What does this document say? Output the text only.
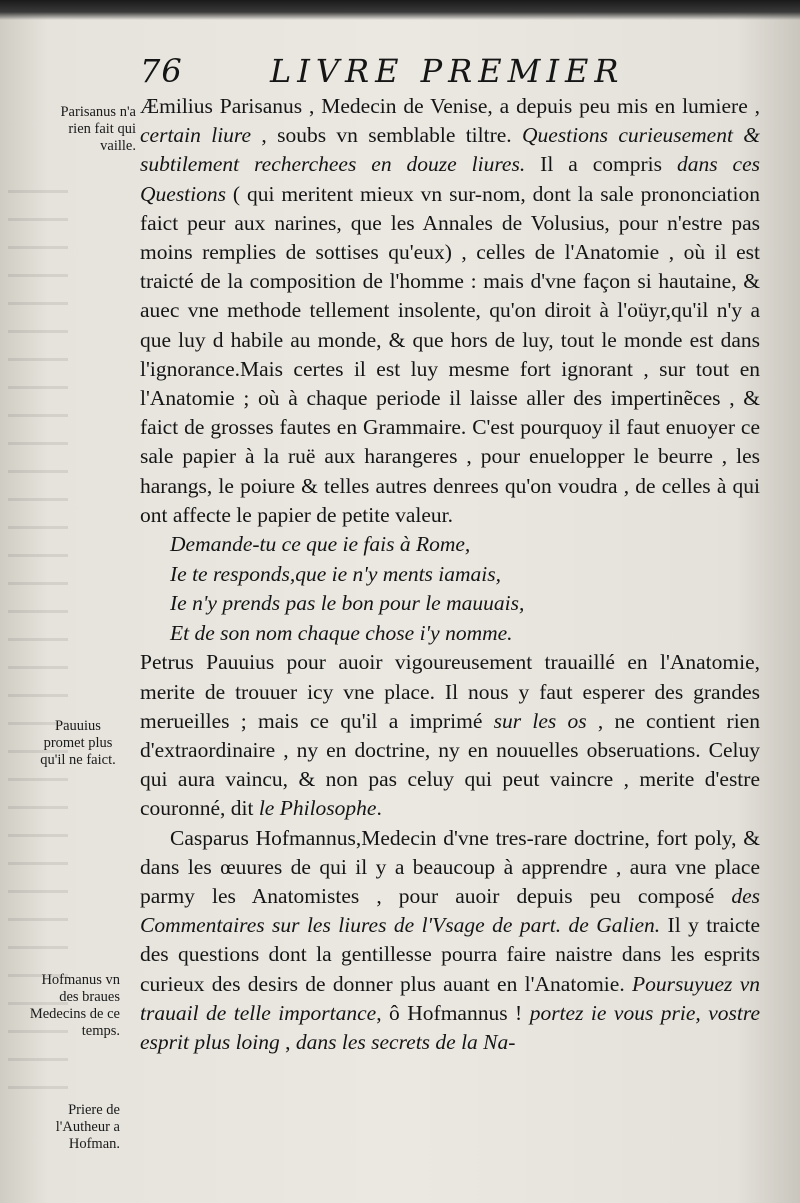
76	LIVRE PREMIER
Parisanus n'a rien fait qui vaille.
Pauuius promet plus qu'il ne faict.
Hofmanus vn des braues Medecins de ce temps.
Priere de l'Autheur a Hofman.

Æmilius Parisanus , Medecin de Venise, a depuis peu mis en lumiere , certain liure , soubs vn semblable tiltre. Questions curieusement & subtilement recherchees en douze liures. Il a compris dans ces Questions ( qui meritent mieux vn sur-nom, dont la sale prononciation faict peur aux narines, que les Annales de Volusius, pour n'estre pas moins remplies de sottises qu'eux) , celles de l'Anatomie , où il est traicté de la composition de l'homme : mais d'vne façon si hautaine, & auec vne methode tellement insolente, qu'on diroit à l'oüyr,qu'il n'y a que luy d habile au monde, & que hors de luy, tout le monde est dans l'ignorance.Mais certes il est luy mesme fort ignorant , sur tout en l'Anatomie ; où à chaque periode il laisse aller des impertinẽces , & faict de grosses fautes en Grammaire. C'est pourquoy il faut enuoyer ce sale papier à la ruë aux harangeres , pour enuelopper le beurre , les harangs, le poiure & telles autres denrees qu'on voudra , de celles à qui ont affecte le papier de petite valeur.

Demande-tu ce que ie fais à Rome,
Ie te responds,que ie n'y ments iamais,
Ie n'y prends pas le bon pour le mauuais,
Et de son nom chaque chose i'y nomme.

Petrus Pauuius pour auoir vigoureusement trauaillé en l'Anatomie, merite de trouuer icy vne place. Il nous y faut esperer des grandes merueilles ; mais ce qu'il a imprimé sur les os , ne contient rien d'extraordinaire , ny en doctrine, ny en nouuelles obseruations. Celuy qui aura vaincu, & non pas celuy qui peut vaincre , merite d'estre couronné, dit le Philosophe.

Casparus Hofmannus,Medecin d'vne tres-rare doctrine, fort poly, & dans les œuures de qui il y a beaucoup à apprendre , aura vne place parmy les Anatomistes , pour auoir depuis peu composé des Commentaires sur les liures de l'Vsage de part. de Galien. Il y traicte des questions dont la gentillesse pourra faire naistre dans les esprits curieux des desirs de donner plus auant en l'Anatomie. Poursuyuez vn trauail de telle importance, ô Hofmannus ! portez ie vous prie, vostre esprit plus loing , dans les secrets de la Na-
